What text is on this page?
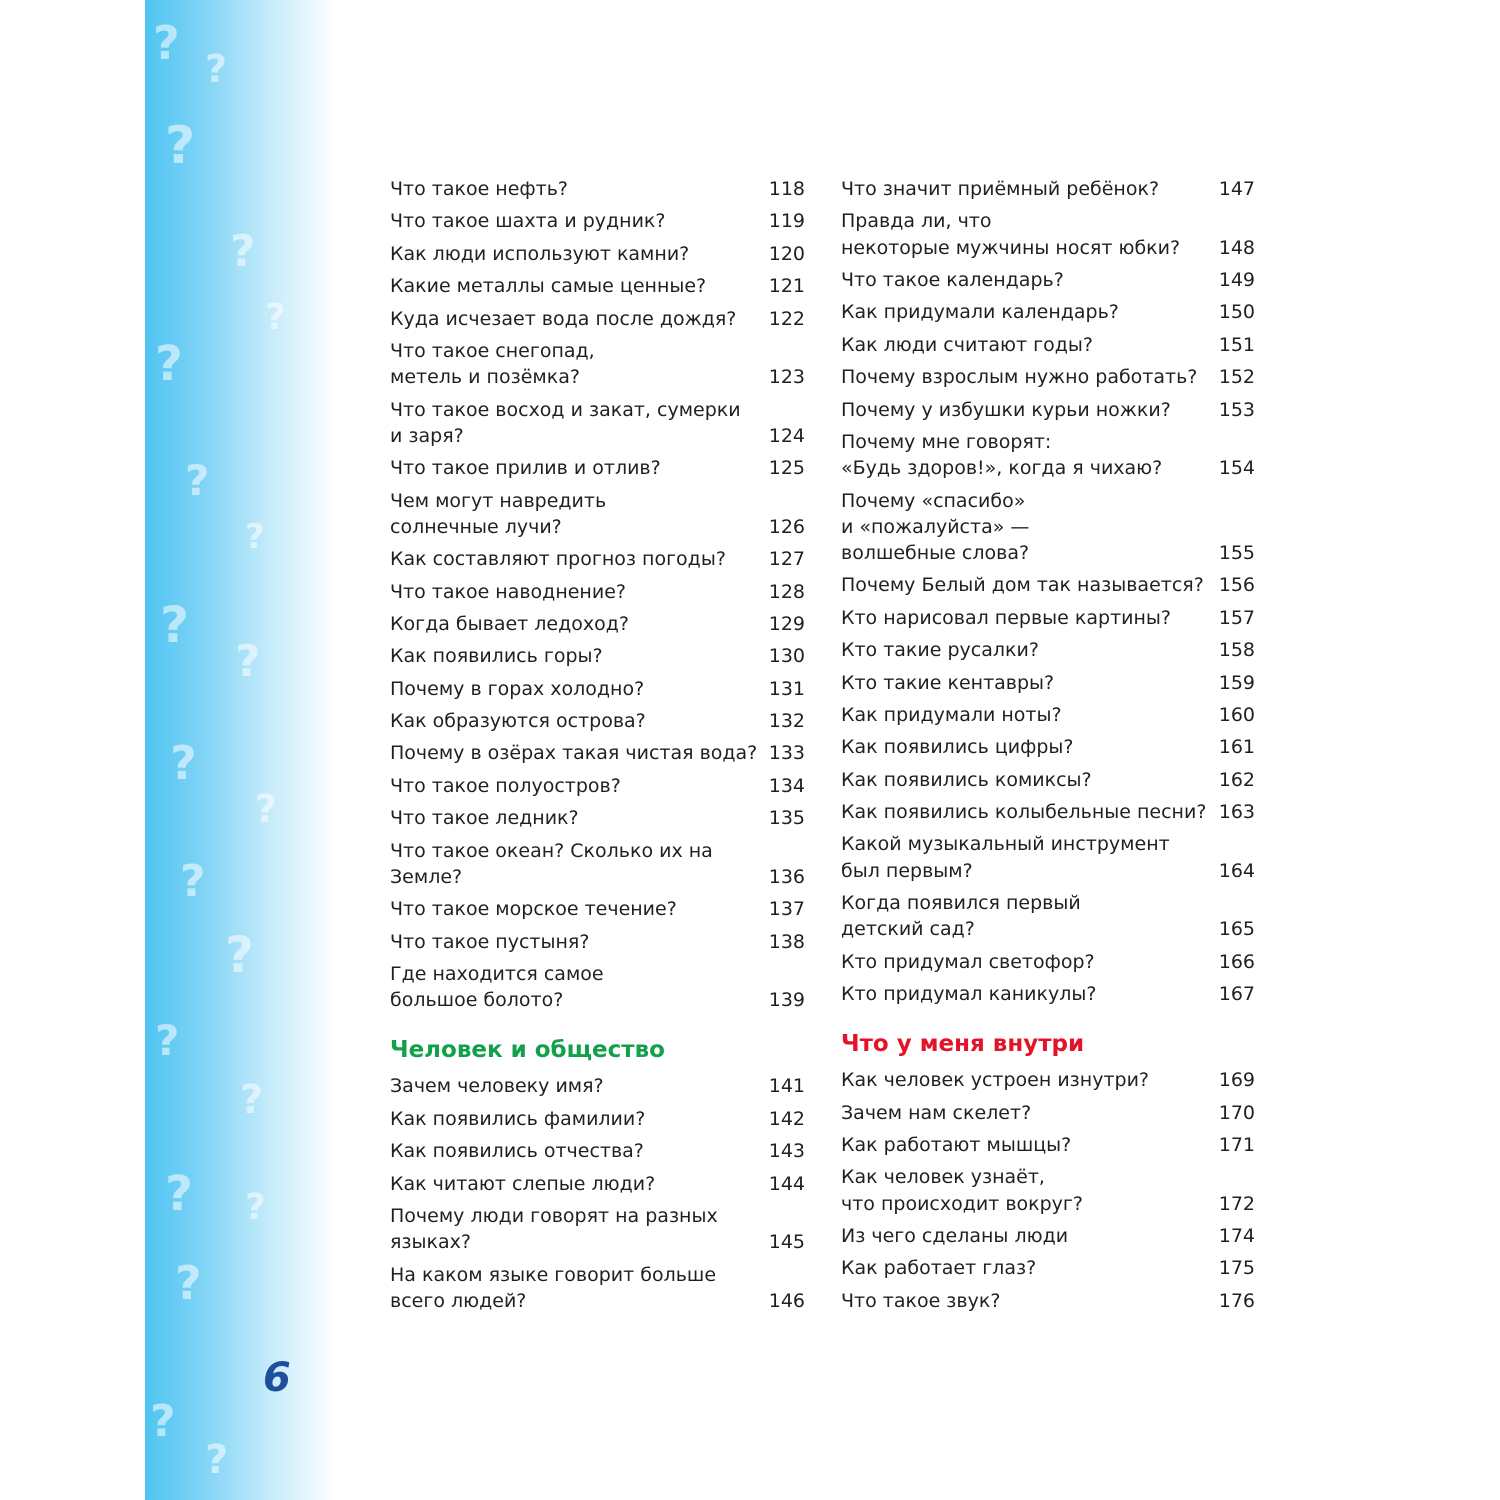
? ?
?
?
?
?
?
?
?
?
?
?
?
?
?
?
? ?
?
?
?
6
Что такое нефть?	118
Что такое шахта и рудник?	119
Как люди используют камни?	120
Какие металлы самые ценные?	121
Куда исчезает вода после дождя?	122
Что такое снегопад,
метель и позёмка?	123
Что такое восход и закат, сумерки
и заря?	124
Что такое прилив и отлив?	125
Чем могут навредить
солнечные лучи?	126
Как составляют прогноз погоды?	127
Что такое наводнение?	128
Когда бывает ледоход?	129
Как появились горы?	130
Почему в горах холодно?	131
Как образуются острова?	132
Почему в озёрах такая чистая вода? 133
Что такое полуостров?	134
Что такое ледник?	135
Что такое океан? Сколько их на
Земле?	136
Что такое морское течение?	137
Что такое пустыня?	138
Где находится самое
большое болото?	139
Человек и общество
Зачем человеку имя?	141
Как появились фамилии?	142
Как появились отчества?	143
Как читают слепые люди?	144
Почему люди говорят на разных
языках?	145
На каком языке говорит больше
всего людей?	146
Что значит приёмный ребёнок?	147
Правда ли, что
некоторые мужчины носят юбки?	148
Что такое календарь?	149
Как придумали календарь?	150
Как люди считают годы?	151
Почему взрослым нужно работать?	152
Почему у избушки курьи ножки?	153
Почему мне говорят:
«Будь здоров!», когда я чихаю?	154
Почему «спасибо»
и «пожалуйста» —
волшебные слова?	155
Почему Белый дом так называется? 156
Кто нарисовал первые картины?	157
Кто такие русалки?	158
Кто такие кентавры?	159
Как придумали ноты?	160
Как появились цифры?	161
Как появились комиксы?	162
Как появились колыбельные песни? 163
Какой музыкальный инструмент
был первым?	164
Когда появился первый
детский сад?	165
Кто придумал светофор?	166
Кто придумал каникулы?	167
Что у меня внутри
Как человек устроен изнутри?	169
Зачем нам скелет?	170
Как работают мышцы?	171
Как человек узнаёт,
что происходит вокруг?	172
Из чего сделаны люди	174
Как работает глаз?	175
Что такое звук?	176
